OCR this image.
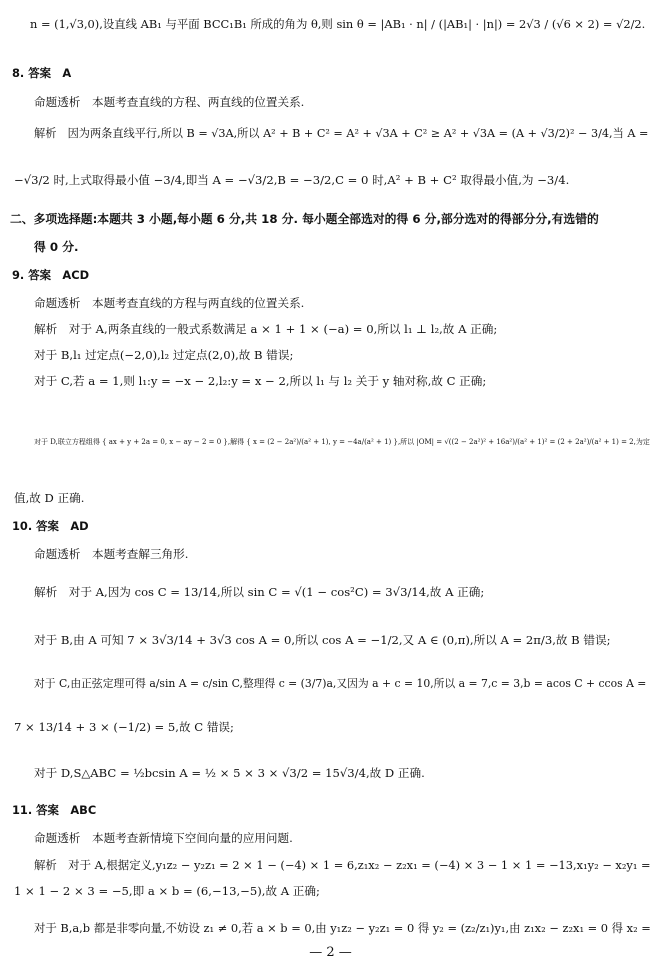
n = (1,√3,0),设直线 AB₁ 与平面 BCC₁B₁ 所成的角为 θ,则 sin θ = |AB₁ · n| / (|AB₁| · |n|) = 2√3 / (√6 × 2) = √2/2.
8. 答案　A
命题透析　本题考查直线的方程、两直线的位置关系.
解析　因为两条直线平行,所以 B = √3A,所以 A² + B + C² = A² + √3A + C² ≥ A² + √3A = (A + √3/2)² − 3/4,当 A =
−√3/2 时,上式取得最小值 −3/4,即当 A = −√3/2,B = −3/2,C = 0 时,A² + B + C² 取得最小值,为 −3/4.
二、多项选择题:本题共 3 小题,每小题 6 分,共 18 分. 每小题全部选对的得 6 分,部分选对的得部分分,有选错的
得 0 分.
9. 答案　ACD
命题透析　本题考查直线的方程与两直线的位置关系.
解析　对于 A,两条直线的一般式系数满足 a × 1 + 1 × (−a) = 0,所以 l₁ ⊥ l₂,故 A 正确;
对于 B,l₁ 过定点(−2,0),l₂ 过定点(2,0),故 B 错误;
对于 C,若 a = 1,则 l₁:y = −x − 2,l₂:y = x − 2,所以 l₁ 与 l₂ 关于 y 轴对称,故 C 正确;
对于 D,联立方程组得 { ax + y + 2a = 0, x − ay − 2 = 0 },解得 { x = (2 − 2a²)/(a² + 1), y = −4a/(a² + 1) },所以 |OM| = √((2 − 2a²)² + 16a²)/(a² + 1)² = (2 + 2a²)/(a² + 1) = 2,为定
值,故 D 正确.
10. 答案　AD
命题透析　本题考查解三角形.
解析　对于 A,因为 cos C = 13/14,所以 sin C = √(1 − cos²C) = 3√3/14,故 A 正确;
对于 B,由 A 可知 7 × 3√3/14 + 3√3 cos A = 0,所以 cos A = −1/2,又 A ∈ (0,π),所以 A = 2π/3,故 B 错误;
对于 C,由正弦定理可得 a/sin A = c/sin C,整理得 c = (3/7)a,又因为 a + c = 10,所以 a = 7,c = 3,b = acos C + ccos A =
7 × 13/14 + 3 × (−1/2) = 5,故 C 错误;
对于 D,S△ABC = ½bcsin A = ½ × 5 × 3 × √3/2 = 15√3/4,故 D 正确.
11. 答案　ABC
命题透析　本题考查新情境下空间向量的应用问题.
解析　对于 A,根据定义,y₁z₂ − y₂z₁ = 2 × 1 − (−4) × 1 = 6,z₁x₂ − z₂x₁ = (−4) × 3 − 1 × 1 = −13,x₁y₂ − x₂y₁ =
1 × 1 − 2 × 3 = −5,即 a × b = (6,−13,−5),故 A 正确;
对于 B,a,b 都是非零向量,不妨设 z₁ ≠ 0,若 a × b = 0,由 y₁z₂ − y₂z₁ = 0 得 y₂ = (z₂/z₁)y₁,由 z₁x₂ − z₂x₁ = 0 得 x₂ =
— 2 —
